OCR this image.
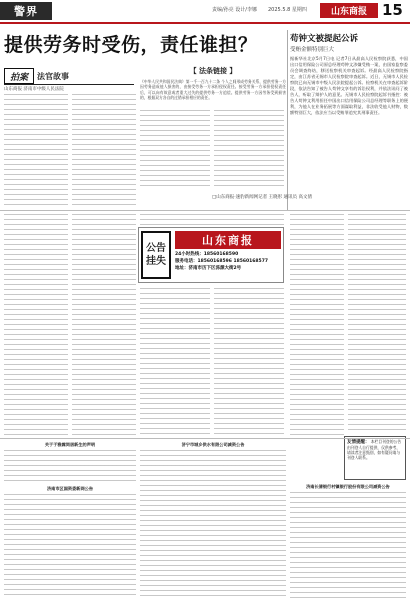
警界	责编/孙亮 设计/李娜 2025.5.8 星期四	山东商报	15
提供劳务时受伤，责任谁担？	苟钟文被提起公诉
受贿金额特别巨大
据新华社北京5月7日电 记者7日从最高人民检察院获悉，中国出口信用保险公司原总经理苟钟文涉嫌受贿一案，由国家监察委员会调查终结，移送检察机关审查起诉。经最高人民检察院指定，由江苏省无锡市人民检察院审查起诉。近日，无锡市人民检察院已向无锡市中级人民法院提起公诉。检察机关在审查起诉阶段，依法告知了被告人苟钟文享有的诉讼权利，并依法讯问了被告人，听取了辩护人的意见。无锡市人民检察院起诉书指控：被告人苟钟文利用担任中国出口信用保险公司总经理等职务上的便利，为他人在业务拓展等方面谋取利益，非法收受他人财物，数额特别巨大，依法应当以受贿罪追究其刑事责任。
拍案	法官故事
山东商报 济南市中级人民法院
【 法条链接 】
《中华人民共和国民法典》第一千一百九十二条 个人之间形成劳务关系，提供劳务一方因劳务造成他人损害的，由接受劳务一方承担侵权责任。接受劳务一方承担侵权责任后，可以向有故意或者重大过失的提供劳务一方追偿。提供劳务一方因劳务受到损害的，根据双方各自的过错承担相应的责任。
□山东商报·速豹新闻网记者 王晓彤 通讯员 高文倩
公告
挂失
山东商报
24小时热线：18560168590
服务电话：18560168596 18560168577
地址：济南市历下区泺源大街2号
友情提醒： 本栏目刊登的公告由刊登人自行提供，仅供参考，请读者注意甄别，如有疑问请与刊登人联系。
关于于雅霖同居新生的声明
济南市区国资委新网公告
济宁市城乡供水有限公司减资公告
济南长清银行村镇银行股份有限公司减资公告
